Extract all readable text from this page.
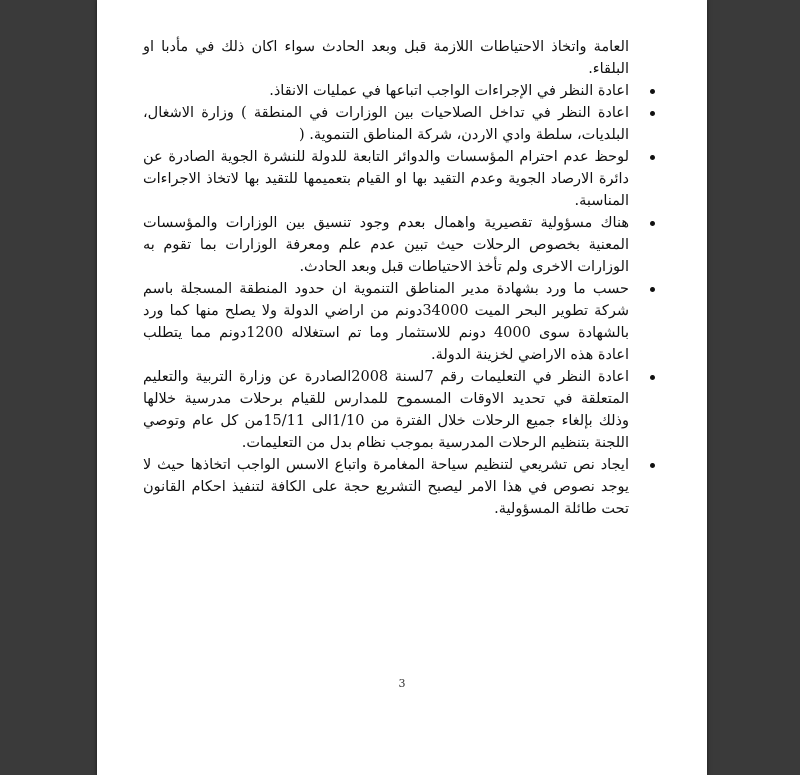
العامة واتخاذ الاحتياطات اللازمة قبل وبعد الحادث سواء اكان ذلك في مأدبا او البلقاء.

اعادة النظر في الإجراءات الواجب اتباعها في عمليات الانقاذ.
اعادة النظر في تداخل الصلاحيات بين الوزارات في المنطقة ) وزارة الاشغال، البلديات، سلطة وادي الاردن، شركة المناطق التنموية. (
لوحظ عدم احترام المؤسسات والدوائر التابعة للدولة للنشرة الجوية الصادرة عن دائرة الارصاد الجوية وعدم التقيد بها او القيام بتعميمها للتقيد بها لاتخاذ الاجراءات المناسبة.
هناك مسؤولية تقصيرية واهمال بعدم وجود تنسيق بين الوزارات والمؤسسات المعنية بخصوص الرحلات حيث تبين عدم علم ومعرفة الوزارات بما تقوم به الوزارات الاخرى ولم تأخذ الاحتياطات قبل وبعد الحادث.
حسب ما ورد بشهادة مدير المناطق التنموية ان حدود المنطقة المسجلة باسم شركة تطوير البحر الميت 34000دونم من اراضي الدولة ولا يصلح منها كما ورد بالشهادة سوى 4000 دونم للاستثمار وما تم استغلاله 1200دونم مما يتطلب اعادة هذه الاراضي لخزينة الدولة.
اعادة النظر في التعليمات رقم 7لسنة 2008الصادرة عن وزارة التربية والتعليم المتعلقة في تحديد الاوقات المسموح للمدارس للقيام برحلات مدرسية خلالها وذلك بإلغاء جميع الرحلات خلال الفترة من 1/10الى 15/11من كل عام وتوصي اللجنة بتنظيم الرحلات المدرسية بموجب نظام بدل من التعليمات.
ايجاد نص تشريعي لتنظيم سياحة المغامرة واتباع الاسس الواجب اتخاذها حيث لا يوجد نصوص في هذا الامر ليصبح التشريع حجة على الكافة لتنفيذ احكام القانون تحت طائلة المسؤولية.
3
